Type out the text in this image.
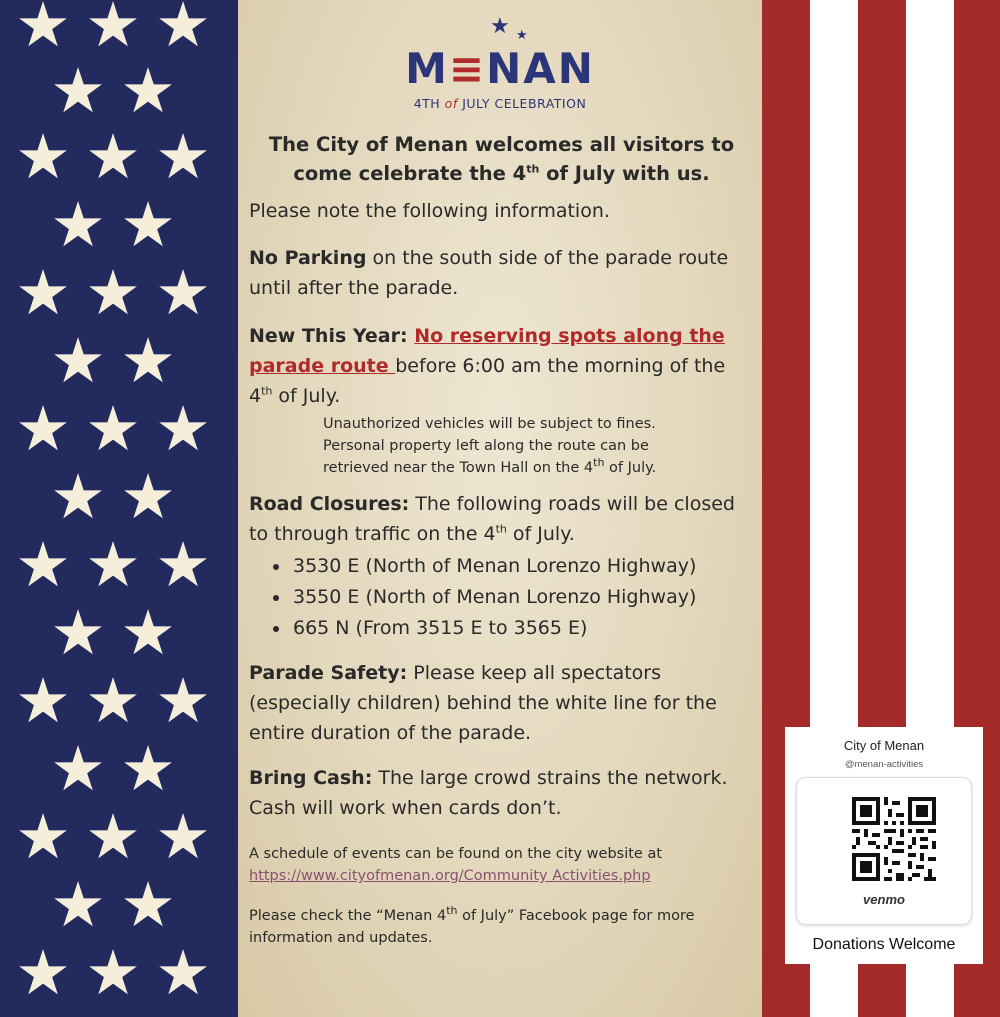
★ ★ ★
★ ★
★ ★ ★
★ ★
★ ★ ★
★ ★
★ ★ ★
★ ★
★ ★ ★
★ ★
★ ★ ★
★ ★
★ ★ ★
★ ★
★ ★ ★
★ ★
M≡NAN
4TH of JULY CELEBRATION
The City of Menan welcomes all visitors to
come celebrate the 4th of July with us.

Please note the following information.

No Parking on the south side of the parade route until after the parade.

New This Year: No reserving spots along the parade route before 6:00 am the morning of the 4th of July.

Unauthorized vehicles will be subject to fines.
Personal property left along the route can be
retrieved near the Town Hall on the 4th of July.

Road Closures: The following roads will be closed to through traffic on the 4th of July.

• 3530 E (North of Menan Lorenzo Highway)
• 3550 E (North of Menan Lorenzo Highway)
• 665 N (From 3515 E to 3565 E)

Parade Safety: Please keep all spectators (especially children) behind the white line for the entire duration of the parade.

Bring Cash: The large crowd strains the network. Cash will work when cards don’t.

A schedule of events can be found on the city website at
https://www.cityofmenan.org/Community Activities.php

Please check the “Menan 4th of July” Facebook page for more information and updates.

City of Menan
@menan-activities
venmo
Donations Welcome
